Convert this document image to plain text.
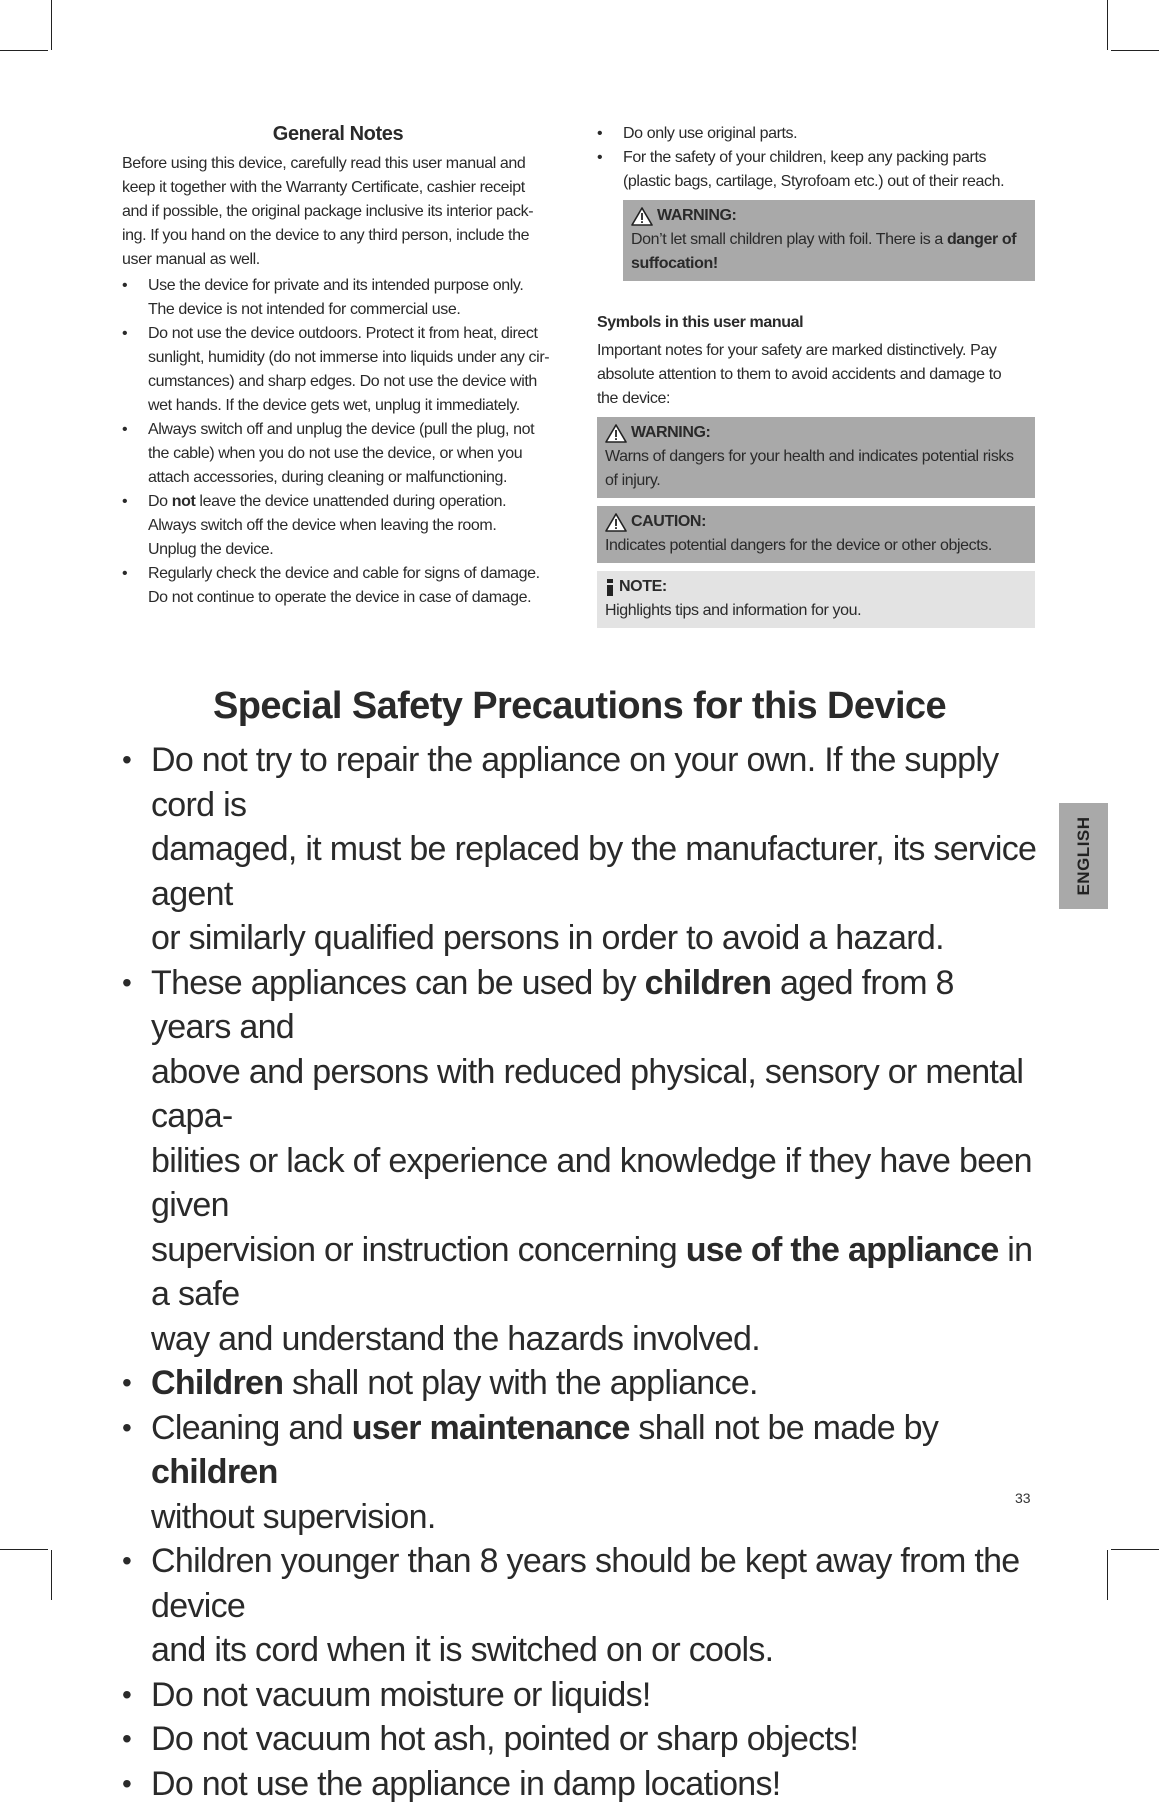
General Notes

Before using this device, carefully read this user manual and
keep it together with the Warranty Certificate, cashier receipt
and if possible, the original package inclusive its interior pack-
ing. If you hand on the device to any third person, include the
user manual as well.

• Use the device for private and its intended purpose only.
The device is not intended for commercial use.
• Do not use the device outdoors. Protect it from heat, direct
sunlight, humidity (do not immerse into liquids under any cir-
cumstances) and sharp edges. Do not use the device with
wet hands. If the device gets wet, unplug it immediately.
• Always switch off and unplug the device (pull the plug, not
the cable) when you do not use the device, or when you
attach accessories, during cleaning or malfunctioning.
• Do not leave the device unattended during operation.
Always switch off the device when leaving the room.
Unplug the device.
• Regularly check the device and cable for signs of damage.
Do not continue to operate the device in case of damage.
• Do only use original parts.
• For the safety of your children, keep any packing parts
(plastic bags, cartilage, Styrofoam etc.) out of their reach.
WARNING:
Don’t let small children play with foil. There is a danger of
suffocation!
Symbols in this user manual

Important notes for your safety are marked distinctively. Pay
absolute attention to them to avoid accidents and damage to
the device:

WARNING:
Warns of dangers for your health and indicates potential risks
of injury.
CAUTION:
Indicates potential dangers for the device or other objects.
NOTE:
Highlights tips and information for you.
Special Safety Precautions for this Device
• Do not try to repair the appliance on your own. If the supply cord is
damaged, it must be replaced by the manufacturer, its service agent
or similarly qualified persons in order to avoid a hazard.
• These appliances can be used by children aged from 8 years and
above and persons with reduced physical, sensory or mental capa-
bilities or lack of experience and knowledge if they have been given
supervision or instruction concerning use of the appliance in a safe
way and understand the hazards involved.
• Children shall not play with the appliance.
• Cleaning and user maintenance shall not be made by children
without supervision.
• Children younger than 8 years should be kept away from the device
and its cord when it is switched on or cools.
• Do not vacuum moisture or liquids!
• Do not vacuum hot ash, pointed or sharp objects!
• Do not use the appliance in damp locations!
ENGLISH
33
